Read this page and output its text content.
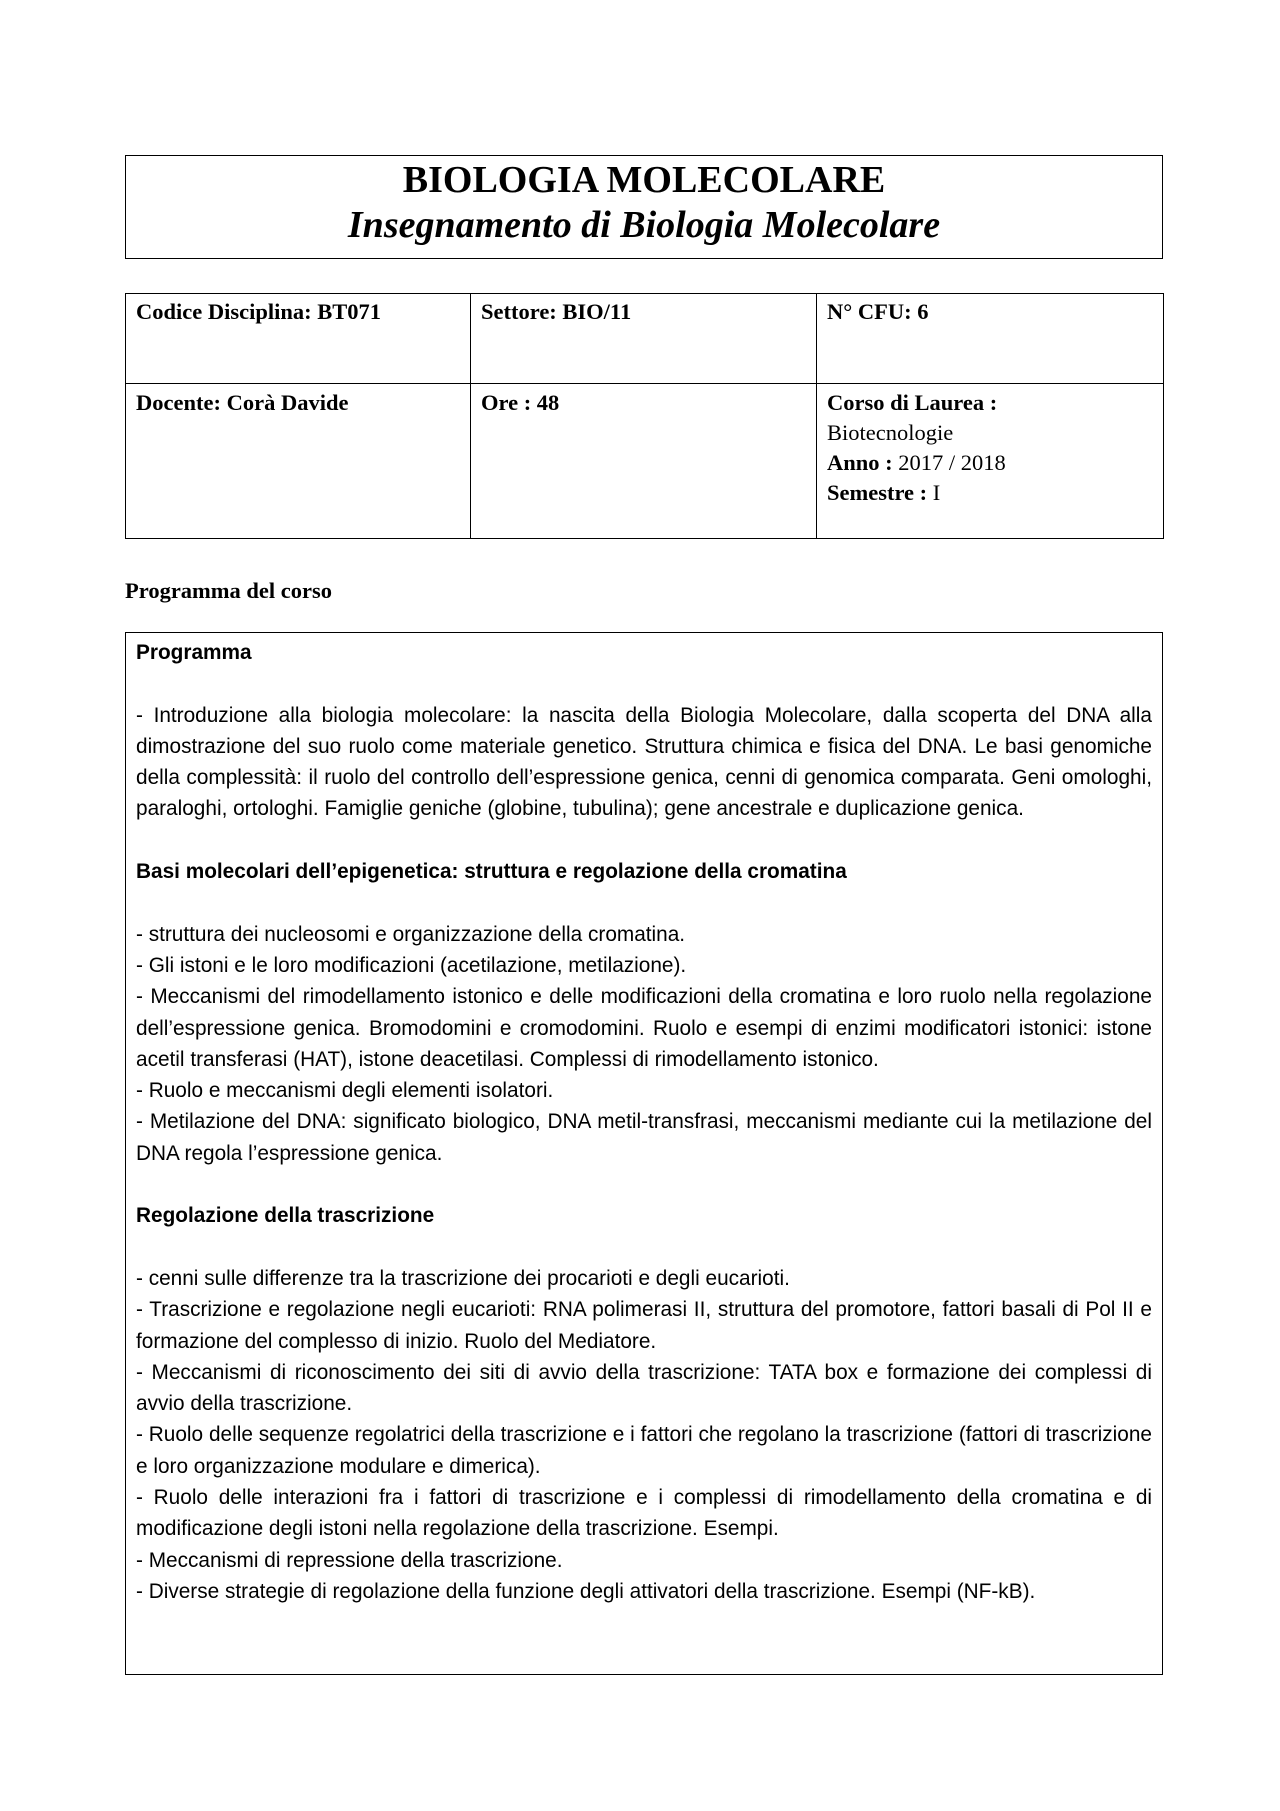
BIOLOGIA MOLECOLARE
Insegnamento di Biologia Molecolare
Codice Disciplina: BT071	Settore: BIO/11	N° CFU: 6
Docente: Corà Davide	Ore : 48	Corso di Laurea :
Biotecnologie
Anno : 2017 / 2018
Semestre : I
Programma del corso

Programma

- Introduzione alla biologia molecolare: la nascita della Biologia Molecolare, dalla scoperta del DNA alla dimostrazione del suo ruolo come materiale genetico. Struttura chimica e fisica del DNA. Le basi genomiche della complessità: il ruolo del controllo dell’espressione genica, cenni di genomica comparata. Geni omologhi, paraloghi, ortologhi. Famiglie geniche (globine, tubulina); gene ancestrale e duplicazione genica.

Basi molecolari dell’epigenetica: struttura e regolazione della cromatina

- struttura dei nucleosomi e organizzazione della cromatina.

- Gli istoni e le loro modificazioni (acetilazione, metilazione).

- Meccanismi del rimodellamento istonico e delle modificazioni della cromatina e loro ruolo nella regolazione dell’espressione genica. Bromodomini e cromodomini. Ruolo e esempi di enzimi modificatori istonici: istone acetil transferasi (HAT), istone deacetilasi. Complessi di rimodellamento istonico.

- Ruolo e meccanismi degli elementi isolatori.

- Metilazione del DNA: significato biologico, DNA metil-transfrasi, meccanismi mediante cui la metilazione del DNA regola l’espressione genica.

Regolazione della trascrizione

- cenni sulle differenze tra la trascrizione dei procarioti e degli eucarioti.

- Trascrizione e regolazione negli eucarioti: RNA polimerasi II, struttura del promotore, fattori basali di Pol II e formazione del complesso di inizio. Ruolo del Mediatore.

- Meccanismi di riconoscimento dei siti di avvio della trascrizione: TATA box e formazione dei complessi di avvio della trascrizione.

- Ruolo delle sequenze regolatrici della trascrizione e i fattori che regolano la trascrizione (fattori di trascrizione e loro organizzazione modulare e dimerica).

- Ruolo delle interazioni fra i fattori di trascrizione e i complessi di rimodellamento della cromatina e di modificazione degli istoni nella regolazione della trascrizione. Esempi.

- Meccanismi di repressione della trascrizione.

- Diverse strategie di regolazione della funzione degli attivatori della trascrizione. Esempi (NF-kB).
